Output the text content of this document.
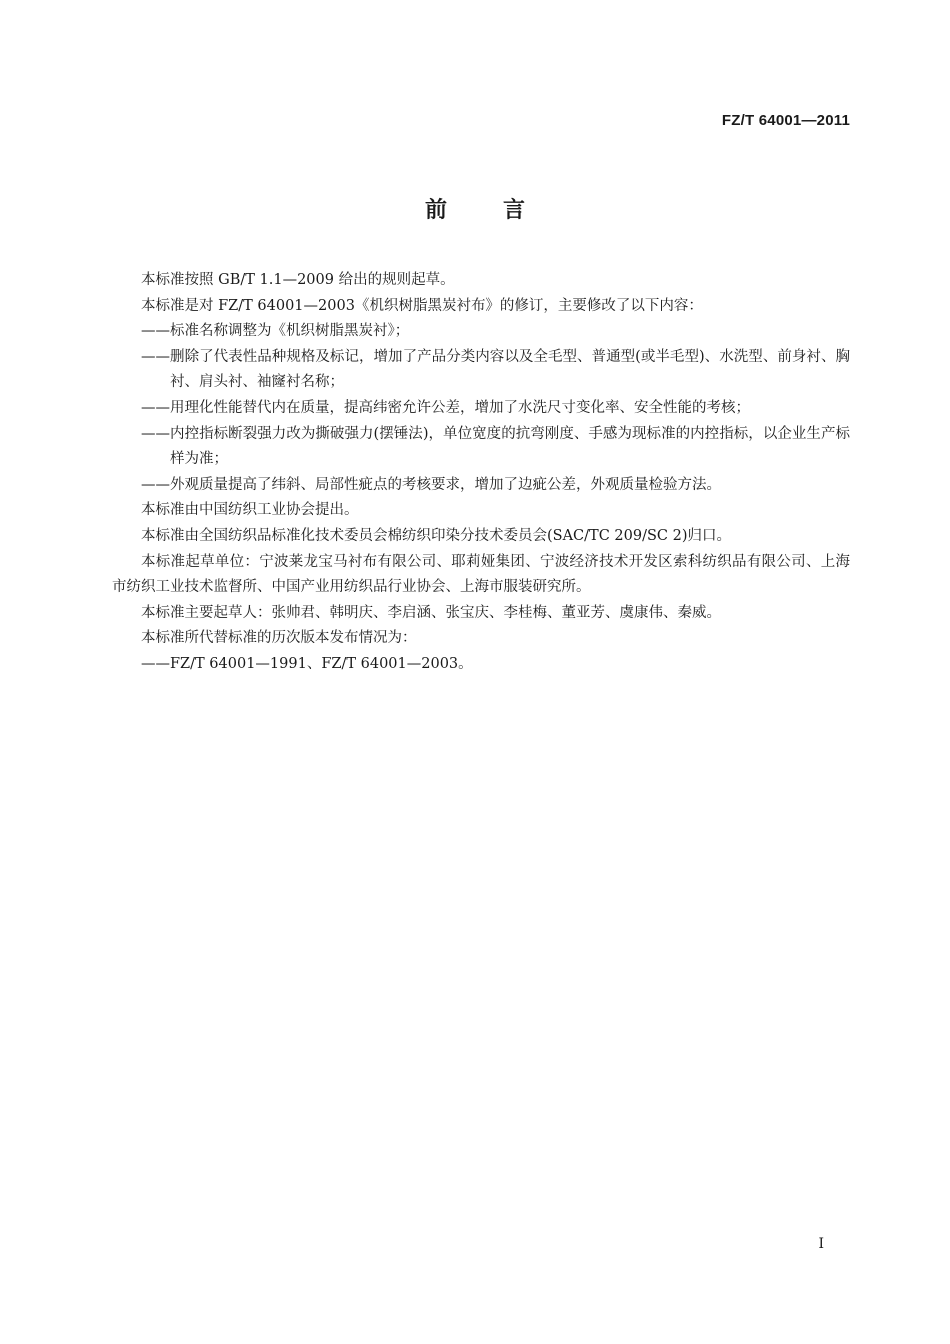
FZ/T 64001—2011
前言

本标准按照 GB/T 1.1—2009 给出的规则起草。

本标准是对 FZ/T 64001—2003《机织树脂黑炭衬布》的修订，主要修改了以下内容：

——标准名称调整为《机织树脂黑炭衬》；

——删除了代表性品种规格及标记，增加了产品分类内容以及全毛型、普通型(或半毛型)、水洗型、前身衬、胸衬、肩头衬、袖窿衬名称；

——用理化性能替代内在质量，提高纬密允许公差，增加了水洗尺寸变化率、安全性能的考核；

——内控指标断裂强力改为撕破强力(摆锤法)，单位宽度的抗弯刚度、手感为现标准的内控指标，以企业生产标样为准；

——外观质量提高了纬斜、局部性疵点的考核要求，增加了边疵公差，外观质量检验方法。

本标准由中国纺织工业协会提出。

本标准由全国纺织品标准化技术委员会棉纺织印染分技术委员会(SAC/TC 209/SC 2)归口。

本标准起草单位：宁波莱龙宝马衬布有限公司、耶莉娅集团、宁波经济技术开发区索科纺织品有限公司、上海市纺织工业技术监督所、中国产业用纺织品行业协会、上海市服装研究所。

本标准主要起草人：张帅君、韩明庆、李启涵、张宝庆、李桂梅、董亚芳、虞康伟、秦威。

本标准所代替标准的历次版本发布情况为：

——FZ/T 64001—1991、FZ/T 64001—2003。

I
